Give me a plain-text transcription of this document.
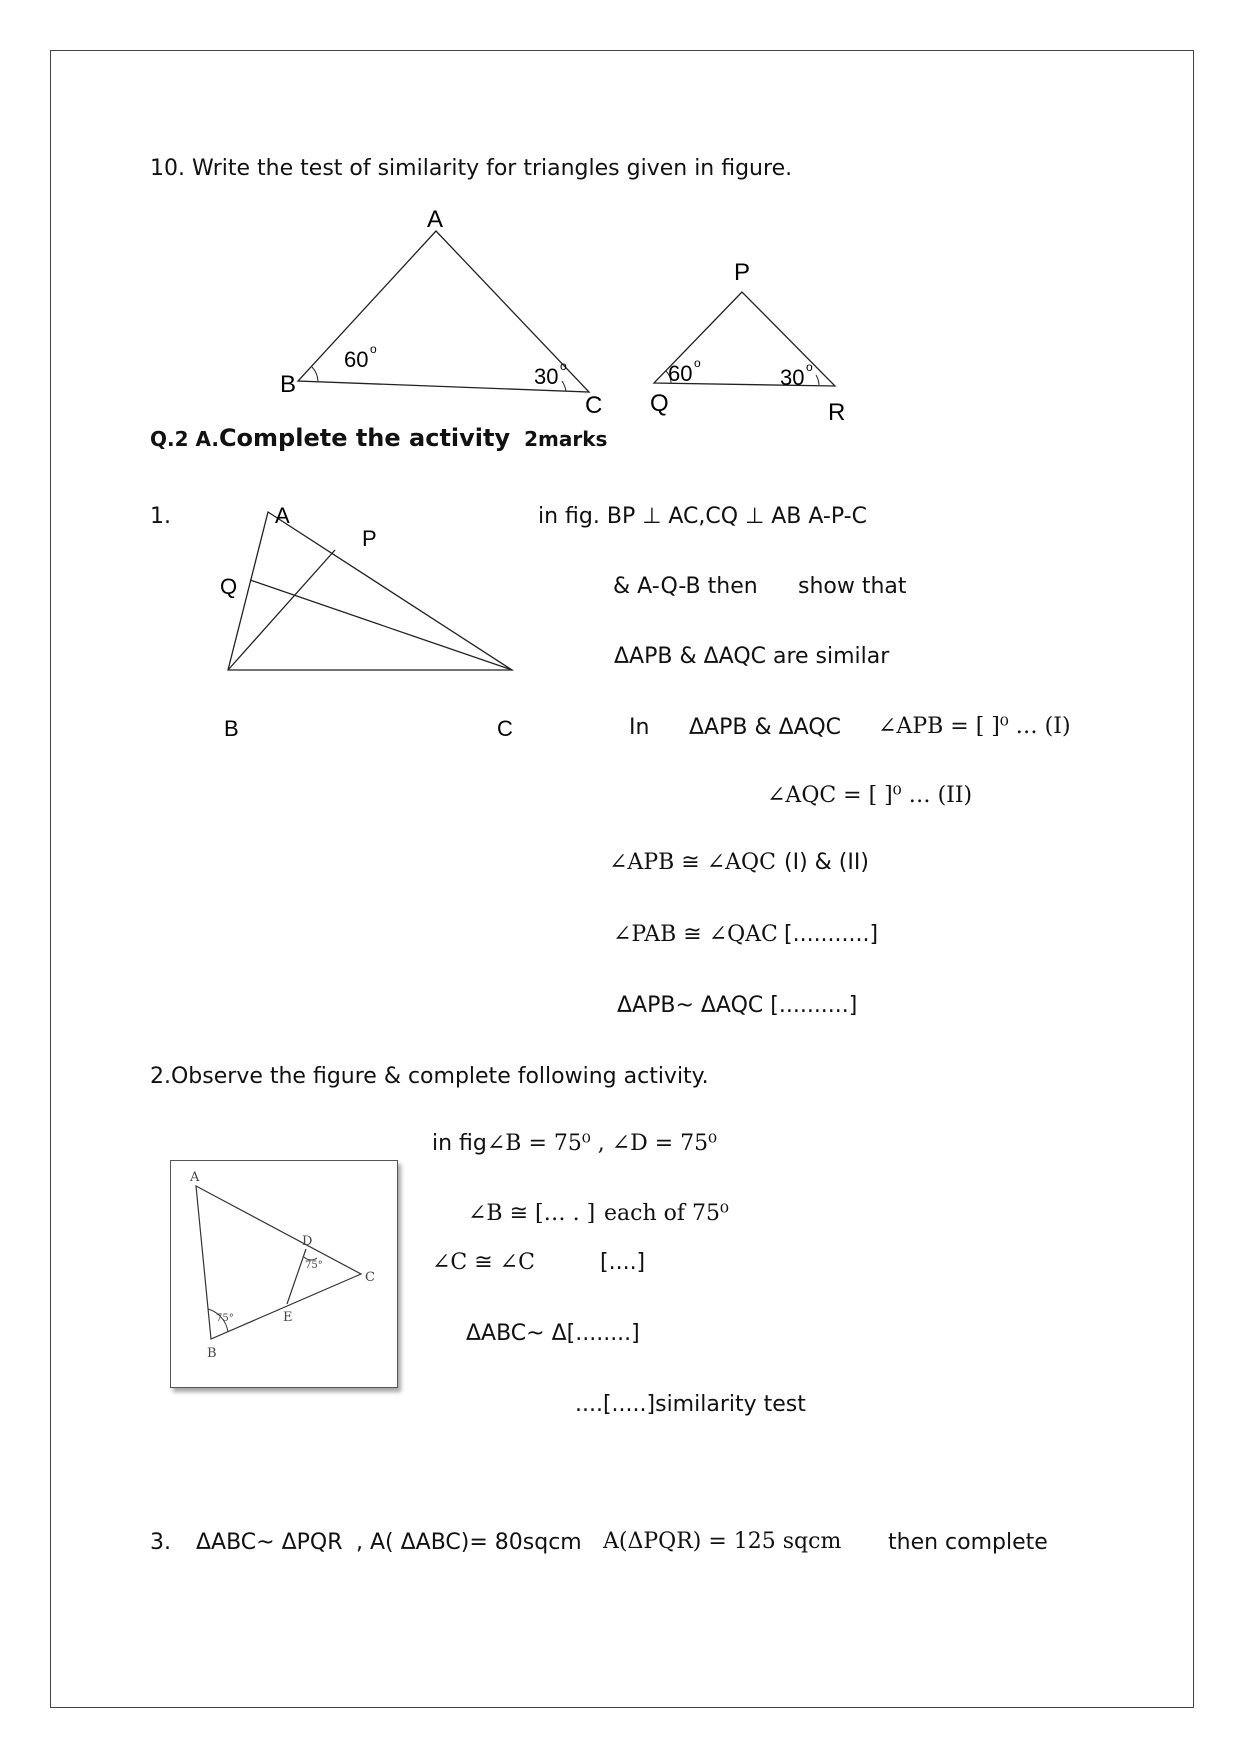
10. Write the test of similarity for triangles given in figure.
A
B
C
60 o
30 o
P
Q	R
60 o
30 o
Q.2 A.Complete the activity 2marks
1.	A
P
Q
B	C
in fig. BP ⊥ AC,CQ ⊥ AB A-P-C
& A-Q-B then show that
ΔAPB & ΔAQC are similar
In ΔAPB & ΔAQC ∠APB = [ ]⁰ … (I)
∠AQC = [ ]⁰ … (II)
∠APB ≅ ∠AQC (I) & (II)
∠PAB ≅ ∠QAC [...........]
ΔAPB~ ΔAQC [..........]
2.Observe the figure & complete following activity.
A
B
C
D
E
75°
75°
in fig∠B = 75⁰ , ∠D = 75⁰
∠B ≅ [… . ] each of 75⁰
∠C ≅ ∠C	[....]
ΔABC~ Δ[........]
....[.....]similarity test
3. ΔABC~ ΔPQR , A( ΔABC)= 80sqcm A(ΔPQR) = 125 sqcm then complete
